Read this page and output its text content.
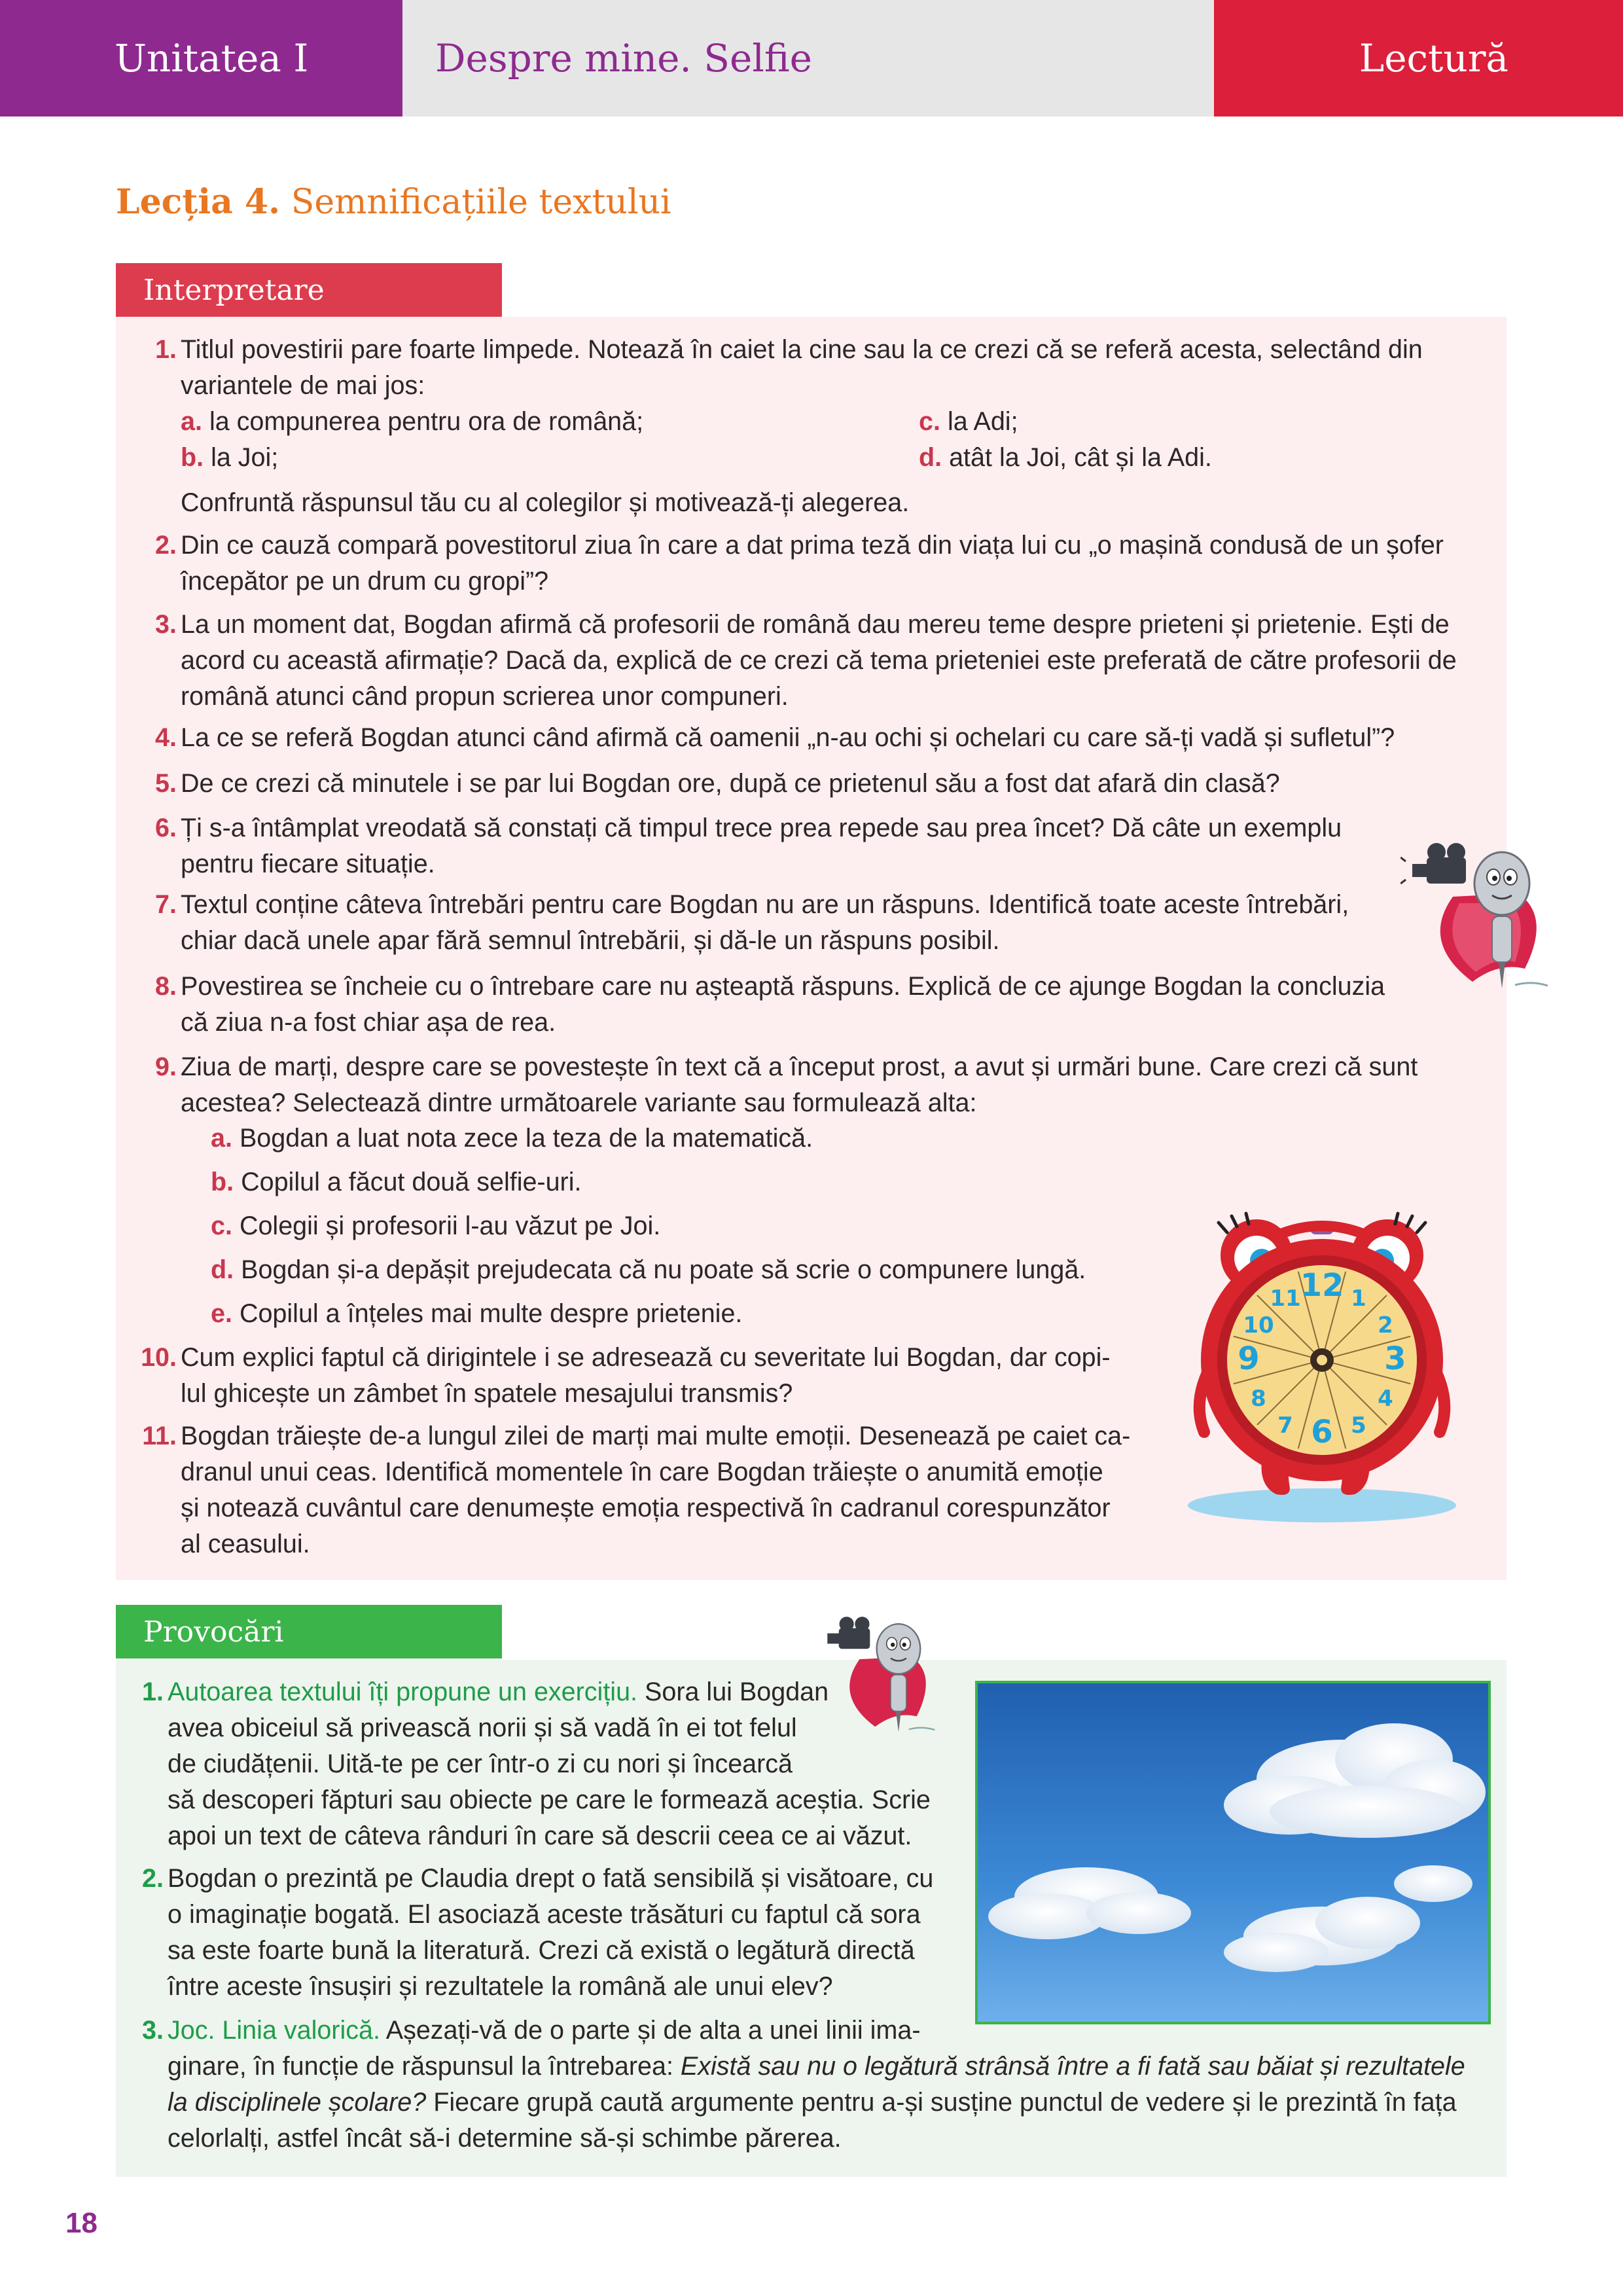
Unitatea I	Despre mine. Selfie	Lectură
Lecția 4. Semnificațiile textului
Interpretare
1. Titlul povestirii pare foarte limpede. Notează în caiet la cine sau la ce crezi că se referă acesta, selectând din
variantele de mai jos:
a. la compunerea pentru ora de română;	c. la Adi;
b. la Joi;	d. atât la Joi, cât și la Adi.
Confruntă răspunsul tău cu al colegilor și motivează-ți alegerea.
2. Din ce cauză compară povestitorul ziua în care a dat prima teză din viața lui cu „o mașină condusă de un șofer
începător pe un drum cu gropi”?
3. La un moment dat, Bogdan afirmă că profesorii de română dau mereu teme despre prieteni și prietenie. Ești de
acord cu această afirmație? Dacă da, explică de ce crezi că tema prieteniei este preferată de către profesorii de
română atunci când propun scrierea unor compuneri.
4. La ce se referă Bogdan atunci când afirmă că oamenii „n-au ochi și ochelari cu care să-ți vadă și sufletul”?
5. De ce crezi că minutele i se par lui Bogdan ore, după ce prietenul său a fost dat afară din clasă?
6. Ți s-a întâmplat vreodată să constați că timpul trece prea repede sau prea încet? Dă câte un exemplu
pentru fiecare situație.
7. Textul conține câteva întrebări pentru care Bogdan nu are un răspuns. Identifică toate aceste întrebări,
chiar dacă unele apar fără semnul întrebării, și dă-le un răspuns posibil.
8. Povestirea se încheie cu o întrebare care nu așteaptă răspuns. Explică de ce ajunge Bogdan la concluzia
că ziua n-a fost chiar așa de rea.
9. Ziua de marți, despre care se povestește în text că a început prost, a avut și urmări bune. Care crezi că sunt
acestea? Selectează dintre următoarele variante sau formulează alta:
a. Bogdan a luat nota zece la teza de la matematică.
b. Copilul a făcut două selfie-uri.
c. Colegii și profesorii l-au văzut pe Joi.
d. Bogdan și-a depășit prejudecata că nu poate să scrie o compunere lungă.
e. Copilul a înțeles mai multe despre prietenie.
10. Cum explici faptul că dirigintele i se adresează cu severitate lui Bogdan, dar copi-
lul ghicește un zâmbet în spatele mesajului transmis?
11. Bogdan trăiește de-a lungul zilei de marți mai multe emoții. Desenează pe caiet ca-
dranul unui ceas. Identifică momentele în care Bogdan trăiește o anumită emoție
și notează cuvântul care denumește emoția respectivă în cadranul corespunzător
al ceasului.
12 1
2
3
4
5
6
7
8
9
10
11
Provocări
1. Autoarea textului îți propune un exercițiu. Sora lui Bogdan
avea obiceiul să privească norii și să vadă în ei tot felul
de ciudățenii. Uită-te pe cer într-o zi cu nori și încearcă
să descoperi făpturi sau obiecte pe care le formează aceștia. Scrie
apoi un text de câteva rânduri în care să descrii ceea ce ai văzut.
2. Bogdan o prezintă pe Claudia drept o fată sensibilă și visătoare, cu
o imaginație bogată. El asociază aceste trăsături cu faptul că sora
sa este foarte bună la literatură. Crezi că există o legătură directă
între aceste însușiri și rezultatele la română ale unui elev?
3. Joc. Linia valorică. Așezați-vă de o parte și de alta a unei linii ima-
ginare, în funcție de răspunsul la întrebarea: Există sau nu o legătură strânsă între a fi fată sau băiat și rezultatele
la disciplinele școlare? Fiecare grupă caută argumente pentru a-și susține punctul de vedere și le prezintă în fața
celorlalți, astfel încât să-i determine să-și schimbe părerea.
18
